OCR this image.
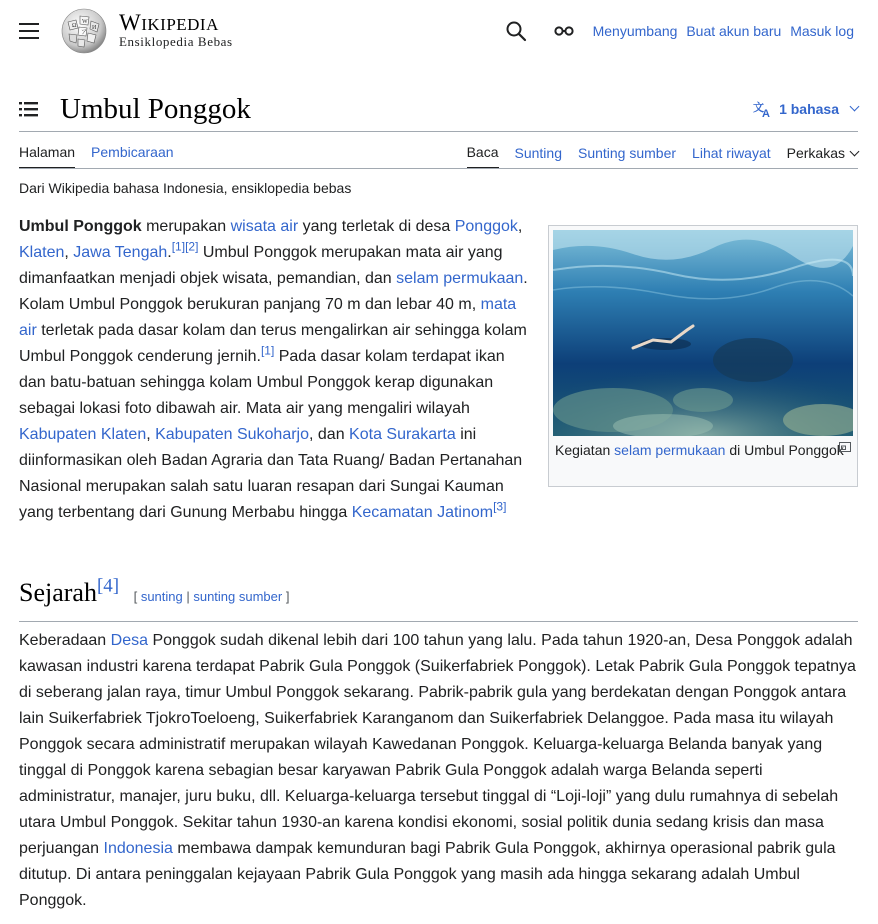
Ω
W
И
ア WIKIPEDIA
Ensiklopedia Bebas
Menyumbang Buat akun baru Masuk log
Umbul Ponggok	文
A 1 bahasa
Halaman Pembicaraan	Baca Sunting Sunting sumber Lihat riwayat Perkakas
Dari Wikipedia bahasa Indonesia, ensiklopedia bebas

Umbul Ponggok merupakan wisata air yang terletak di desa Ponggok, Klaten, Jawa Tengah.[1][2] Umbul Ponggok merupakan mata air yang dimanfaatkan menjadi objek wisata, pemandian, dan selam permukaan. Kolam Umbul Ponggok berukuran panjang 70 m dan lebar 40 m, mata air terletak pada dasar kolam dan terus mengalirkan air sehingga kolam Umbul Ponggok cenderung jernih.[1] Pada dasar kolam terdapat ikan dan batu-batuan sehingga kolam Umbul Ponggok kerap digunakan sebagai lokasi foto dibawah air. Mata air yang mengaliri wilayah Kabupaten Klaten, Kabupaten Sukoharjo, dan Kota Surakarta ini diinformasikan oleh Badan Agraria dan Tata Ruang/ Badan Pertanahan Nasional merupakan salah satu luaran resapan dari Sungai Kauman yang terbentang dari Gunung Merbabu hingga Kecamatan Jatinom[3]

Kegiatan selam permukaan di Umbul Ponggok
Sejarah[4] [ sunting | sunting sumber ]

Keberadaan Desa Ponggok sudah dikenal lebih dari 100 tahun yang lalu. Pada tahun 1920-an, Desa Ponggok adalah kawasan industri karena terdapat Pabrik Gula Ponggok (Suikerfabriek Ponggok). Letak Pabrik Gula Ponggok tepatnya di seberang jalan raya, timur Umbul Ponggok sekarang. Pabrik-pabrik gula yang berdekatan dengan Ponggok antara lain Suikerfabriek TjokroToeloeng, Suikerfabriek Karanganom dan Suikerfabriek Delanggoe. Pada masa itu wilayah Ponggok secara administratif merupakan wilayah Kawedanan Ponggok. Keluarga-keluarga Belanda banyak yang tinggal di Ponggok karena sebagian besar karyawan Pabrik Gula Ponggok adalah warga Belanda seperti administratur, manajer, juru buku, dll. Keluarga-keluarga tersebut tinggal di “Loji-loji” yang dulu rumahnya di sebelah utara Umbul Ponggok. Sekitar tahun 1930-an karena kondisi ekonomi, sosial politik dunia sedang krisis dan masa perjuangan Indonesia membawa dampak kemunduran bagi Pabrik Gula Ponggok, akhirnya operasional pabrik gula ditutup. Di antara peninggalan kejayaan Pabrik Gula Ponggok yang masih ada hingga sekarang adalah Umbul Ponggok.
